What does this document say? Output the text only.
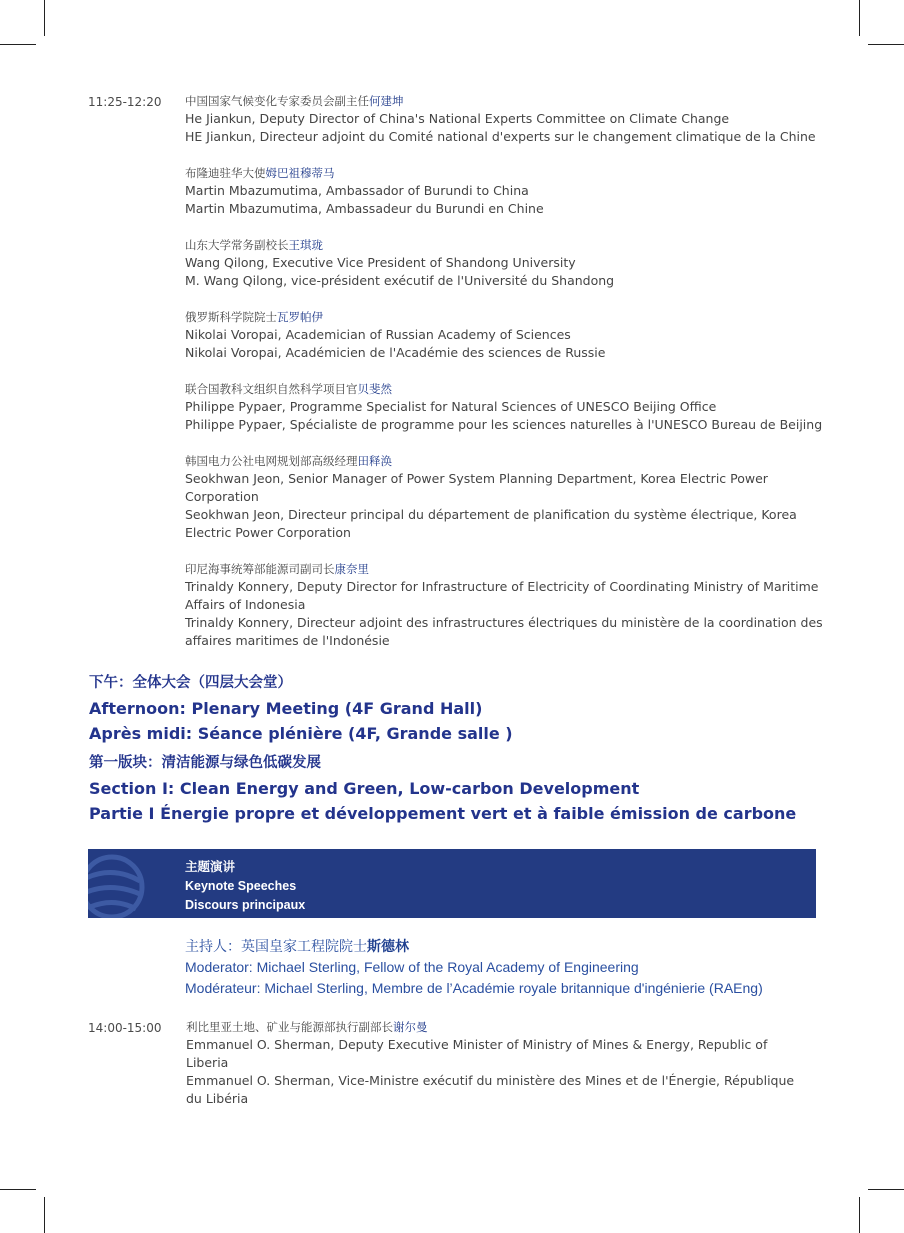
11:25-12:20 中国国家气候变化专家委员会副主任何建坤
He Jiankun, Deputy Director of China's National Experts Committee on Climate Change
HE Jiankun, Directeur adjoint du Comité national d'experts sur le changement climatique de la Chine
布隆迪驻华大使姆巴祖穆蒂马
Martin Mbazumutima, Ambassador of Burundi to China
Martin Mbazumutima, Ambassadeur du Burundi en Chine
山东大学常务副校长王琪珑
Wang Qilong, Executive Vice President of Shandong University
M. Wang Qilong, vice-président exécutif de l'Université du Shandong
俄罗斯科学院院士瓦罗帕伊
Nikolai Voropai, Academician of Russian Academy of Sciences
Nikolai Voropai, Académicien de l'Académie des sciences de Russie
联合国教科文组织自然科学项目官贝斐然
Philippe Pypaer, Programme Specialist for Natural Sciences of UNESCO Beijing Office
Philippe Pypaer, Spécialiste de programme pour les sciences naturelles à l'UNESCO Bureau de Beijing
韩国电力公社电网规划部高级经理田释涣
Seokhwan Jeon, Senior Manager of Power System Planning Department, Korea Electric Power Corporation
Seokhwan Jeon, Directeur principal du département de planification du système électrique, Korea Electric Power Corporation
印尼海事统筹部能源司副司长康奈里
Trinaldy Konnery, Deputy Director for Infrastructure of Electricity of Coordinating Ministry of Maritime Affairs of Indonesia
Trinaldy Konnery, Directeur adjoint des infrastructures électriques du ministère de la coordination des affaires maritimes de l'Indonésie
下午：全体大会（四层大会堂）
Afternoon: Plenary Meeting (4F Grand Hall)
Après midi: Séance plénière (4F, Grande salle )
第一版块：清洁能源与绿色低碳发展
Section I: Clean Energy and Green, Low-carbon Development
Partie I Énergie propre et développement vert et à faible émission de carbone
主题演讲
Keynote Speeches
Discours principaux
主持人：英国皇家工程院院士斯德林
Moderator: Michael Sterling, Fellow of the Royal Academy of Engineering
Modérateur: Michael Sterling, Membre de l’Académie royale britannique d'ingénierie (RAEng)
14:00-15:00 利比里亚土地、矿业与能源部执行副部长谢尔曼
Emmanuel O. Sherman, Deputy Executive Minister of Ministry of Mines & Energy, Republic of Liberia
Emmanuel O. Sherman, Vice-Ministre exécutif du ministère des Mines et de l'Énergie, République du Libéria
